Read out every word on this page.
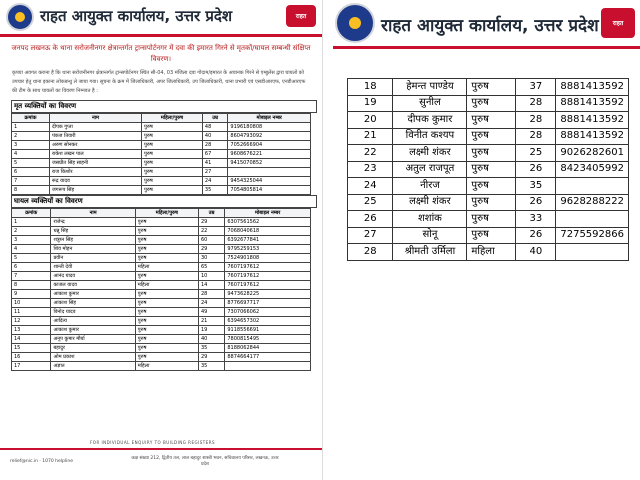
राहत आयुक्त कार्यालय, उत्तर प्रदेश	राहत
जनपद लखनऊ के थाना सरोजनीनगर क्षेत्रान्तर्गत ट्रान्सपोर्टनगर में दवा की इमारत गिरने से मृतकों/घायल सम्बन्धी संक्षिप्त विवरण।
कृपया अवगत कराना है कि थाना सरोजनीनगर क्षेत्रान्तर्गत ट्रान्सपोर्टनगर स्थित सी-04, 03 मंजिला दवा गोदाम/इमारत के अचानक गिरने से एम्बुलेंस द्वारा घायलों को उपचार हेतु थाना इकाना लोकबन्धु ले जाया गया। सूचना के क्रम में जिलाधिकारी, अपर जिलाधिकारी, उप जिलाधिकारी, थाना प्रभारी एवं एसडीआरएफ, एनडीआरएफ की टीम के साथ घायलों का विवरण निम्नवत है :
मृत व्यक्तियों का विवरण
क्रमांक	नाम	महिला/पुरुष	उम्र	मोबाइल नम्बर
1	दीपक गुप्ता	पुरुष	48	9196180808
2	पंकज तिवारी	पुरुष	40	8604793092
3	अरुण सोनकर	पुरुष	28	7052666904
4	राकेश लखन पाल	पुरुष	67	9608676221
5	जसप्रीत सिंह साहनी	पुरुष	41	9415070852
6	राज किशोर	पुरुष	27	
7	रूद्र यादव	पुरुष	24	9454325044
8	जगरूप सिंह	पुरुष	35	7054805814
घायल व्यक्तियों का विवरण
क्रमांक	नाम	महिला/पुरुष	उम्र	मोबाइल नम्बर
1	राजेन्द्र	पुरुष	29	6307561562
2	धन्नू सिंह	पुरुष	22	7068040618
3	शत्रुघ्न सिंह	पुरुष	60	6392677841
4	शिव मोहन	पुरुष	29	9795259153
5	प्रवीन	पुरुष	30	7524901808
6	शान्ती देवी	महिला	65	7607197612
7	आनंद यादव	पुरुष	10	7607197612
8	काजल यादव	महिला	14	7607197612
9	आकाश कुमार	पुरुष	28	9473628225
10	आकाश सिंह	पुरुष	24	8776697717
11	विनोद यादव	पुरुष	49	7307066062
12	आदित्य	पुरुष	21	6394657302
13	आकाश कुमार	पुरुष	19	9118556691
14	अनूप कुमार मौर्या	पुरुष	40	7800815495
15	बहादुर	पुरुष	35	8188062844
16	ओम प्रकाश	पुरुष	29	8874664177
17	अज्ञात	महिला	35	
FOR INDIVIDUAL ENQUIRY TO BUILDING REGISTERS
relief@nic.in · 1070 helpline
कक्ष संख्या 212, द्वितीय तल, लाल बहादुर शास्त्री भवन, सचिवालय परिसर, लखनऊ, उत्तर प्रदेश
राहत आयुक्त कार्यालय, उत्तर प्रदेश	राहत
18	हेमन्त पाण्डेय	पुरुष	37	8881413592
19	सुनील	पुरुष	28	8881413592
20	दीपक कुमार	पुरुष	28	8881413592
21	विनीत कश्यप	पुरुष	28	8881413592
22	लक्ष्मी शंकर	पुरुष	25	9026282601
23	अतुल राजपूत	पुरुष	26	8423405992
24	नीरज	पुरुष	35	
25	लक्ष्मी शंकर	पुरुष	26	9628288222
26	शशांक	पुरुष	33	
27	सोनू	पुरुष	26	7275592866
28	श्रीमती उर्मिला	महिला	40	
